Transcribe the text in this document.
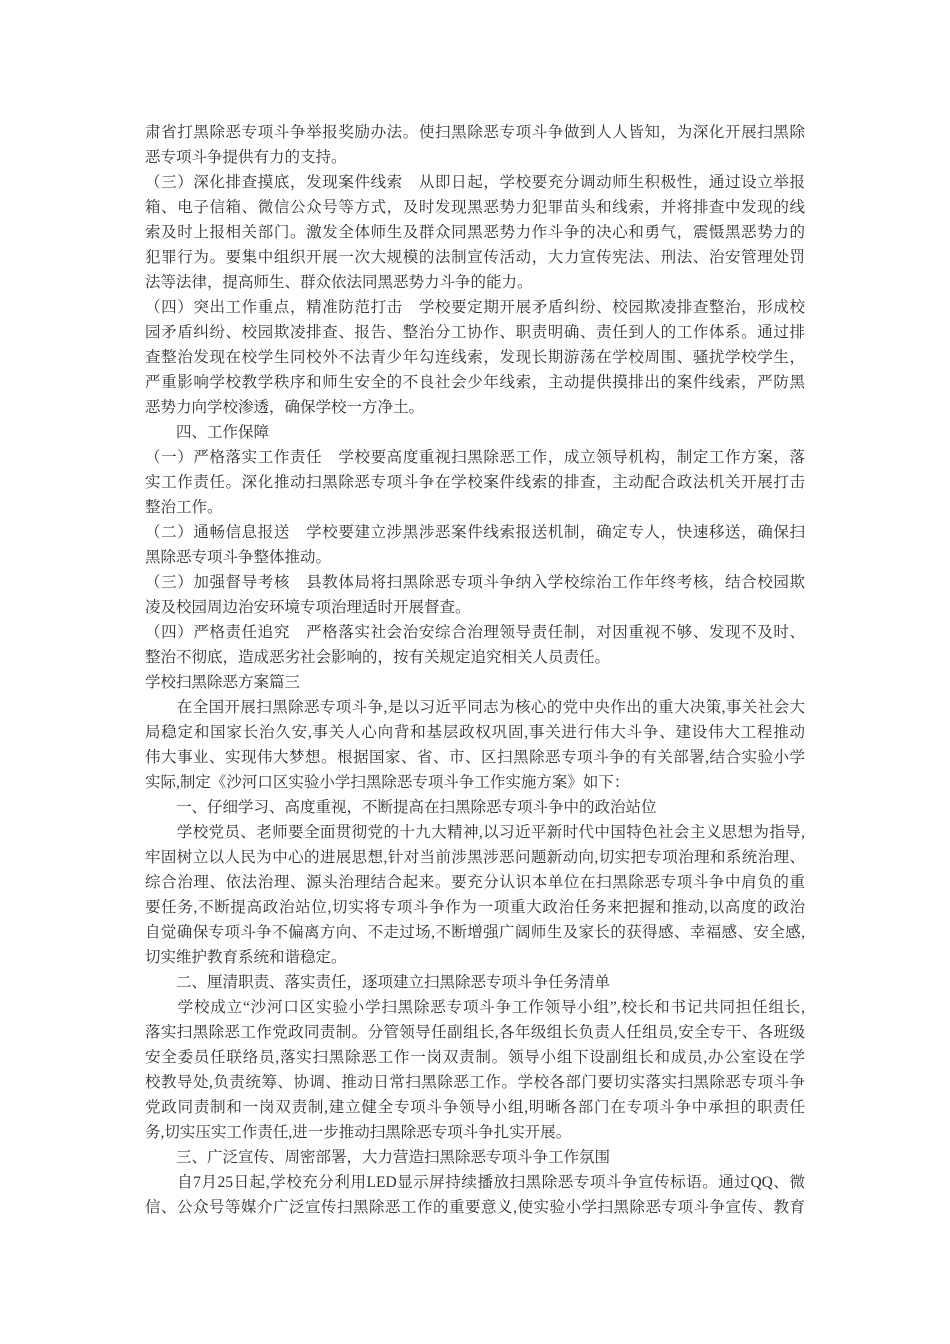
肃省打黑除恶专项斗争举报奖励办法。使扫黑除恶专项斗争做到人人皆知，为深化开展扫黑除
恶专项斗争提供有力的支持。
（三）深化排查摸底，发现案件线索　从即日起，学校要充分调动师生积极性，通过设立举报
箱、电子信箱、微信公众号等方式，及时发现黑恶势力犯罪苗头和线索，并将排查中发现的线
索及时上报相关部门。激发全体师生及群众同黑恶势力作斗争的决心和勇气，震慑黑恶势力的
犯罪行为。要集中组织开展一次大规模的法制宣传活动，大力宣传宪法、刑法、治安管理处罚
法等法律，提高师生、群众依法同黑恶势力斗争的能力。
（四）突出工作重点，精准防范打击　学校要定期开展矛盾纠纷、校园欺凌排查整治，形成校
园矛盾纠纷、校园欺凌排查、报告、整治分工协作、职责明确、责任到人的工作体系。通过排
查整治发现在校学生同校外不法青少年勾连线索，发现长期游荡在学校周围、骚扰学校学生，
严重影响学校教学秩序和师生安全的不良社会少年线索，主动提供摸排出的案件线索，严防黑
恶势力向学校渗透，确保学校一方净土。
　　四、工作保障
（一）严格落实工作责任　学校要高度重视扫黑除恶工作，成立领导机构，制定工作方案，落
实工作责任。深化推动扫黑除恶专项斗争在学校案件线索的排查，主动配合政法机关开展打击
整治工作。
（二）通畅信息报送　学校要建立涉黑涉恶案件线索报送机制，确定专人，快速移送，确保扫
黑除恶专项斗争整体推动。
（三）加强督导考核　县教体局将扫黑除恶专项斗争纳入学校综治工作年终考核，结合校园欺
凌及校园周边治安环境专项治理适时开展督查。
（四）严格责任追究　严格落实社会治安综合治理领导责任制，对因重视不够、发现不及时、
整治不彻底，造成恶劣社会影响的，按有关规定追究相关人员责任。
学校扫黑除恶方案篇三
　　在全国开展扫黑除恶专项斗争,是以习近平同志为核心的党中央作出的重大决策,事关社会大
局稳定和国家长治久安,事关人心向背和基层政权巩固,事关进行伟大斗争、建设伟大工程推动
伟大事业、实现伟大梦想。根据国家、省、市、区扫黑除恶专项斗争的有关部署,结合实验小学
实际,制定《沙河口区实验小学扫黑除恶专项斗争工作实施方案》如下：
　　一、仔细学习、高度重视，不断提高在扫黑除恶专项斗争中的政治站位
　　学校党员、老师要全面贯彻党的十九大精神,以习近平新时代中国特色社会主义思想为指导,
牢固树立以人民为中心的进展思想,针对当前涉黑涉恶问题新动向,切实把专项治理和系统治理、
综合治理、依法治理、源头治理结合起来。要充分认识本单位在扫黑除恶专项斗争中肩负的重
要任务,不断提高政治站位,切实将专项斗争作为一项重大政治任务来把握和推动,以高度的政治
自觉确保专项斗争不偏离方向、不走过场,不断增强广阔师生及家长的获得感、幸福感、安全感,
切实维护教育系统和谐稳定。
　　二、厘清职责、落实责任，逐项建立扫黑除恶专项斗争任务清单
　　学校成立“沙河口区实验小学扫黑除恶专项斗争工作领导小组”,校长和书记共同担任组长,
落实扫黑除恶工作党政同责制。分管领导任副组长,各年级组长负责人任组员,安全专干、各班级
安全委员任联络员,落实扫黑除恶工作一岗双责制。领导小组下设副组长和成员,办公室设在学
校教导处,负责统筹、协调、推动日常扫黑除恶工作。学校各部门要切实落实扫黑除恶专项斗争
党政同责制和一岗双责制,建立健全专项斗争领导小组,明晰各部门在专项斗争中承担的职责任
务,切实压实工作责任,进一步推动扫黑除恶专项斗争扎实开展。
　　三、广泛宣传、周密部署，大力营造扫黑除恶专项斗争工作氛围
　　自7月25日起,学校充分利用LED显示屏持续播放扫黑除恶专项斗争宣传标语。通过QQ、微
信、公众号等媒介广泛宣传扫黑除恶工作的重要意义,使实验小学扫黑除恶专项斗争宣传、教育
